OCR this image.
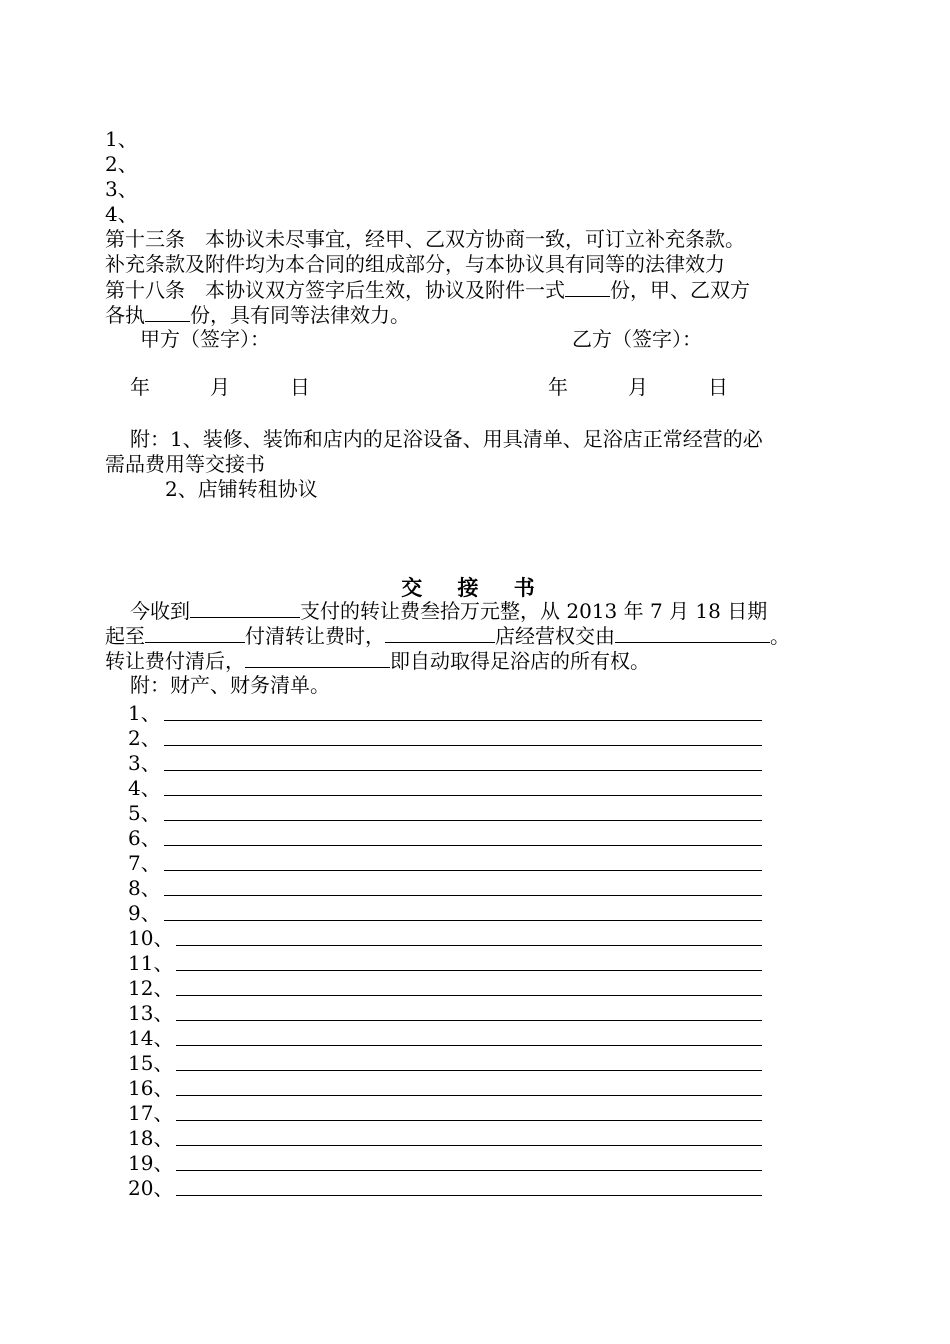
1、
2、
3、
4、
第十三条　本协议未尽事宜，经甲、乙双方协商一致，可订立补充条款。
补充条款及附件均为本合同的组成部分，与本协议具有同等的法律效力
第十八条　本协议双方签字后生效，协议及附件一式 份，甲、乙双方
各执 份，具有同等法律效力。
甲方（签字）：	乙方（签字）：
年　　　月　　　日	年　　　月　　　日
附：1、装修、装饰和店内的足浴设备、用具清单、足浴店正常经营的必
需品费用等交接书
2、店铺转租协议
交 接 书
今收到	支付的转让费叁拾万元整，从 2013 年 7 月 18 日期
起至	付清转让费时，	店经营权交由	。
转让费付清后，	即自动取得足浴店的所有权。
附：财产、财务清单。
1、
2、
3、
4、
5、
6、
7、
8、
9、
10、
11、
12、
13、
14、
15、
16、
17、
18、
19、
20、
